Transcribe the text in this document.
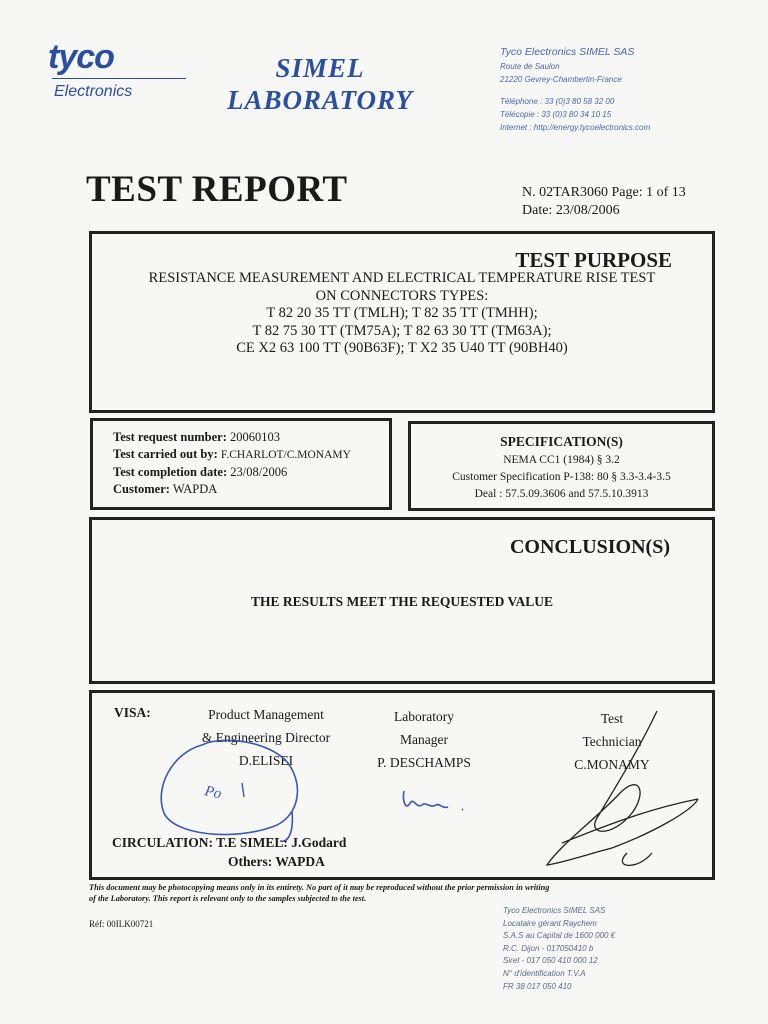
tyco
Electronics
SIMEL
LABORATORY
Tyco Electronics SIMEL SAS
Route de Saulon
21220 Gevrey-Chambertin-France
Téléphone : 33 (0)3 80 58 32 00
Télécopie : 33 (0)3 80 34 10 15
Internet : http://energy.tycoelectronics.com
TEST REPORT	N. 02TAR3060 Page: 1 of 13
Date: 23/08/2006
TEST PURPOSE
RESISTANCE MEASUREMENT AND ELECTRICAL TEMPERATURE RISE TEST
ON CONNECTORS TYPES:
T 82 20 35 TT (TMLH); T 82 35 TT (TMHH);
T 82 75 30 TT (TM75A); T 82 63 30 TT (TM63A);
CE X2 63 100 TT (90B63F); T X2 35 U40 TT (90BH40)
Test request number: 20060103
Test carried out by: F.CHARLOT/C.MONAMY
Test completion date: 23/08/2006
Customer: WAPDA
SPECIFICATION(S)
NEMA CC1 (1984) § 3.2
Customer Specification P-138: 80 § 3.3-3.4-3.5
Deal : 57.5.09.3606 and 57.5.10.3913
CONCLUSION(S)
THE RESULTS MEET THE REQUESTED VALUE
VISA:	Product Management
& Engineering Director
D.ELISEI
Laboratory
Manager
P. DESCHAMPS
Test
Technician
C.MONAMY
Po
CIRCULATION: T.E SIMEL: J.Godard
Others: WAPDA
This document may be photocopying means only in its entirety. No part of it may be reproduced without the prior permission in writing
of the Laboratory. This report is relevant only to the samples subjected to the test.
Réf: 00ILK00721
Tyco Electronics SIMEL SAS
Locataire gérant Raychem
S.A.S au Capital de 1600 000 €
R.C. Dijon - 017050410 b
Siret - 017 050 410 000 12
N° d'identification T.V.A
FR 38 017 050 410
